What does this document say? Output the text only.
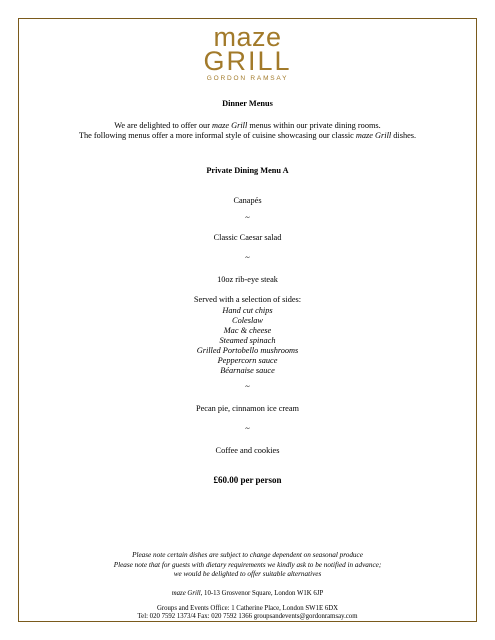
maze
GRILL
GORDON RAMSAY
Dinner Menus
We are delighted to offer our maze Grill menus within our private dining rooms.
The following menus offer a more informal style of cuisine showcasing our classic maze Grill dishes.
Private Dining Menu A
Canapés
~
Classic Caesar salad
~
10oz rib-eye steak
Served with a selection of sides:
Hand cut chips
Coleslaw
Mac & cheese
Steamed spinach
Grilled Portobello mushrooms
Peppercorn sauce
Béarnaise sauce
~
Pecan pie, cinnamon ice cream
~
Coffee and cookies
£60.00 per person
Please note certain dishes are subject to change dependent on seasonal produce
Please note that for guests with dietary requirements we kindly ask to be notified in advance;
we would be delighted to offer suitable alternatives
maze Grill, 10-13 Grosvenor Square, London W1K 6JP
Groups and Events Office: 1 Catherine Place, London SW1E 6DX
Tel: 020 7592 1373/4 Fax: 020 7592 1366 groupsandevents@gordonramsay.com
